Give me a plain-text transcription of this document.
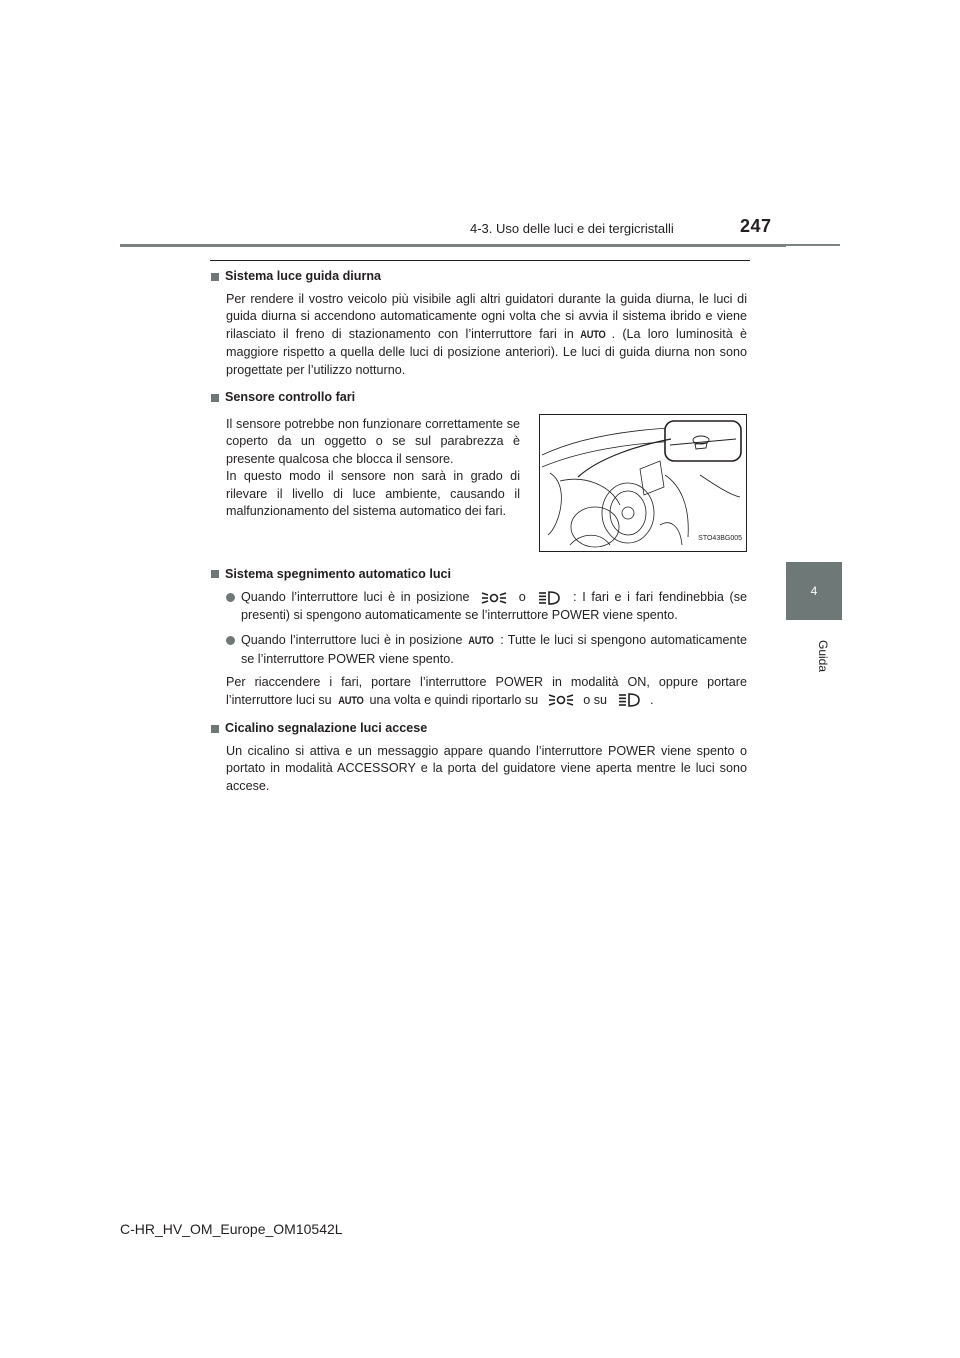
4-3. Uso delle luci e dei tergicristalli	247
4
Guida
Sistema luce guida diurna
Per rendere il vostro veicolo più visibile agli altri guidatori durante la guida diurna, le luci di guida diurna si accendono automaticamente ogni volta che si avvia il sistema ibrido e viene rilasciato il freno di stazionamento con l’interruttore fari in AUTO . (La loro luminosità è maggiore rispetto a quella delle luci di posizione anteriori). Le luci di guida diurna non sono progettate per l’utilizzo notturno.
Sensore controllo fari
Il sensore potrebbe non funzionare correttamente se coperto da un oggetto o se sul parabrezza è presente qualcosa che blocca il sensore.
In questo modo il sensore non sarà in grado di rilevare il livello di luce ambiente, causando il malfunzionamento del sistema automatico dei fari.
STO43BG005
Sistema spegnimento automatico luci
Quando l’interruttore luci è in posizione	o	: I fari e i fari fendinebbia (se presenti) si spengono automaticamente se l’interruttore POWER viene spento.
Quando l’interruttore luci è in posizione AUTO : Tutte le luci si spengono automaticamente se l’interruttore POWER viene spento.
Per riaccendere i fari, portare l’interruttore POWER in modalità ON, oppure portare l’interruttore luci su AUTO una volta e quindi riportarlo su	o su	.
Cicalino segnalazione luci accese
Un cicalino si attiva e un messaggio appare quando l’interruttore POWER viene spento o portato in modalità ACCESSORY e la porta del guidatore viene aperta mentre le luci sono accese.
C-HR_HV_OM_Europe_OM10542L
